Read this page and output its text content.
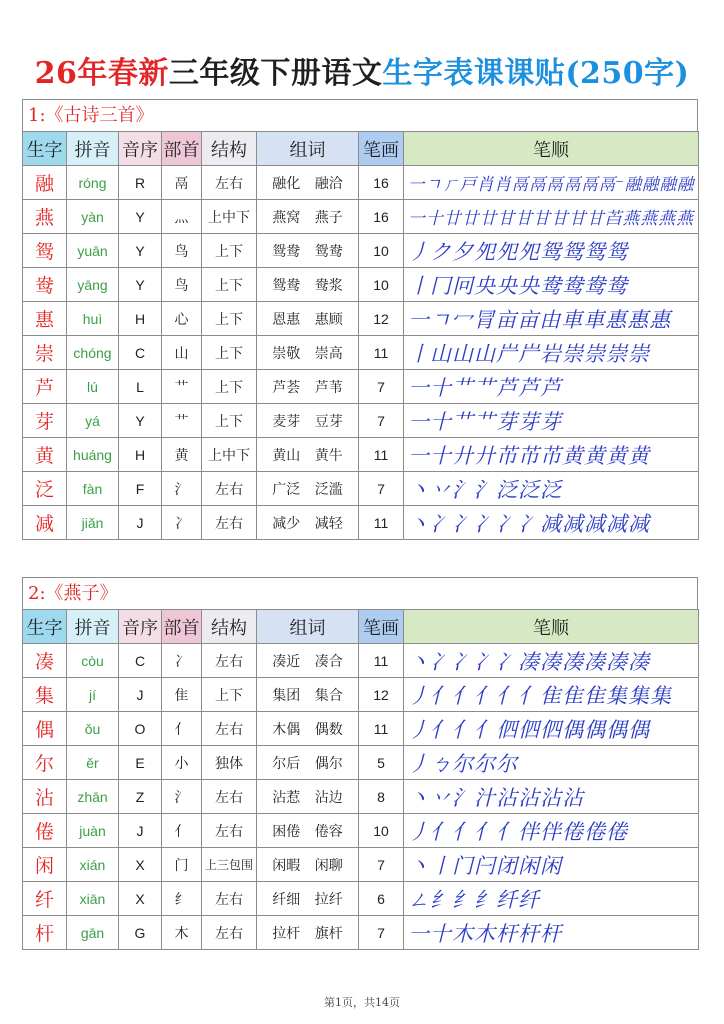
26年春新三年级下册语文生字表课课贴(250字)
1:《古诗三首》
生字	拼音	音序	部首	结构	组词	笔画	笔顺
融	róng	R	鬲	左右	融化 融洽	16	一ㄱㄏ戸肖肖鬲鬲鬲鬲鬲鬲⁻融融融融
燕	yàn	Y	灬	上中下	燕窝 燕子	16	一十廿廿廿甘甘甘甘甘甘苩燕燕燕燕
鸳	yuān	Y	鸟	上下	鸳鸯 鸳鸯	10	丿ク夕夗夗夗鸳鸳鸳鸳
鸯	yāng	Y	鸟	上下	鸳鸯 鸯浆	10	丨冂冋央央央鸯鸯鸯鸯
惠	huì	H	心	上下	恩惠 惠顾	12	一ㄱ冖冐亩亩由車車惠惠惠
崇	chóng	C	山	上下	崇敬 崇高	11	丨山山山屵屵岩崇崇崇崇
芦	lú	L	艹	上下	芦荟 芦苇	7	一十艹艹芦芦芦
芽	yá	Y	艹	上下	麦芽 豆芽	7	一十艹艹芽芽芽
黄	huáng	H	黄	上中下	黄山 黄牛	11	一十廾廾芇芇芇黄黄黄黄
泛	fàn	F	氵	左右	广泛 泛滥	7	丶丷氵氵泛泛泛
减	jiǎn	J	冫	左右	减少 减轻	11	丶冫冫冫冫冫减减减减减
2:《燕子》
生字	拼音	音序	部首	结构	组词	笔画	笔顺
凑	còu	C	冫	左右	凑近 凑合	11	丶冫冫冫冫凑凑凑凑凑凑
集	jí	J	隹	上下	集团 集合	12	丿亻亻亻亻亻隹隹隹集集集
偶	ǒu	O	亻	左右	木偶 偶数	11	丿亻亻亻伵伵伵偶偶偶偶
尔	ěr	E	小	独体	尔后 偶尔	5	丿ㄅ尔尔尔
沾	zhān	Z	氵	左右	沾惹 沾边	8	丶丷氵汁沾沾沾沾
倦	juàn	J	亻	左右	困倦 倦容	10	丿亻亻亻亻伴伴倦倦倦
闲	xián	X	门	上三包围	闲暇 闲聊	7	丶丨门闩闭闲闲
纤	xiān	X	纟	左右	纤细 拉纤	6	ㄥ纟纟纟纤纤
杆	gān	G	木	左右	拉杆 旗杆	7	一十木木杆杆杆
第1页，共14页
